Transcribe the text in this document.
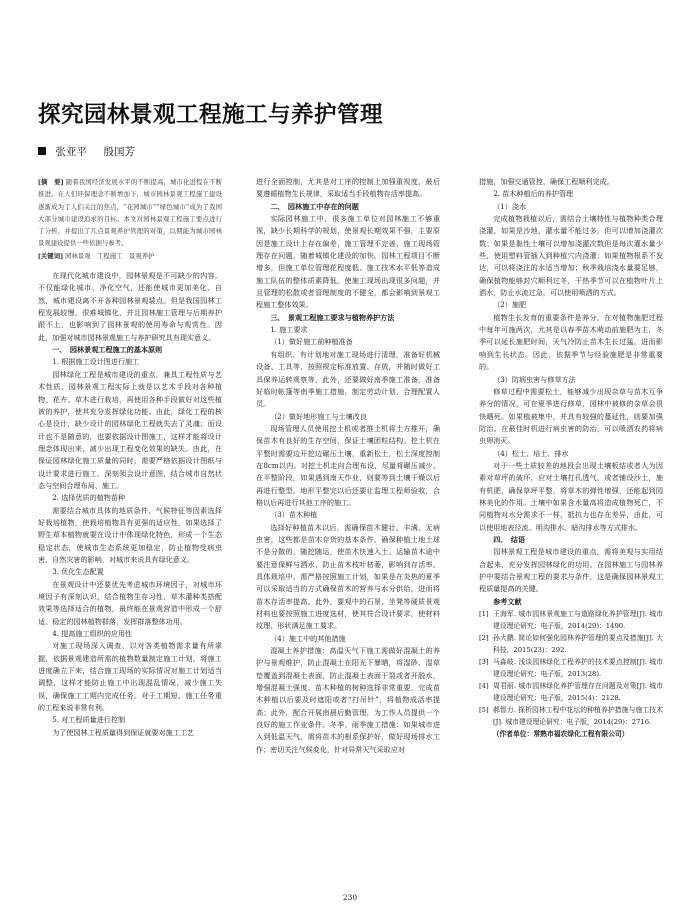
探究园林景观工程施工与养护管理
张亚平 殷国芳

[摘　要] 随着我国经济发展水平的不断提高，城市化进程在不断推进。在人们环保理念不断增加下，城市园林景观工程施工建设逐渐成为了人们关注的焦点，“花园城市”“绿色城市”成为了我国大部分城市建设追求的目标。本文对园林景观工程施工要点进行了分析，并提出了几点景观养护管理的对策，以期能为城市园林景观建设提供一些依据与参考。

[关键词] 园林景观　工程施工　景观养护

在现代化城市建设中，园林景观是不可缺少的内容，不仅能绿化城市、净化空气，还能使城市更加美化、自然，城市建设离不开各种园林景观装点。但是我国园林工程发展较慢，很难城镇化，并且园林施工管理与后期养护跟不上，也影响到了园林景观的使用寿命与观赏性。因此，加强对城市园林景观施工与养护研究具有现实意义。

一、　园林景观工程施工的基本原则

1. 根据施工设计图进行施工

园林绿化工程是城市建设的重点，兼具工程性质与艺术性质，园林景观工程实际上就是以艺术手段对各种植物、花卉、草木进行栽培，再使用各种手段做好对这些植被的养护，使其充分发挥绿化功能。由此，绿化工程的核心是设计，缺少设计的园林绿化工程就失去了灵魂；而设计也不是随意的，也要依据设计图施工，这样才能将设计理念体现出来，减少出现工程变化效果的缺失。由此，在保证园林绿化施工质量的同时，需要严格依据设计图纸与设计要求进行施工，深刻领会设计意图，结合城市自然状态与空间合理布局、施工。

2. 选择优质的植物苗种

需要结合城市具体的地质条件、气候特征等因素选择好栽培植物，使栽培植物具有更强的适应性，如果选择了野生草本植物就要在设计中体现绿化特色，形成一个生态稳定状态，使城市生态系统更加稳定，防止植物受病虫害、自然灾害的影响，对城市来说具有绿化意义。

3. 优化生态配置

在景观设计中还要优先考虑城市环境因子，对城市环境因子有深刻认识，结合植物生存习性、草木灌种类搭配效果等选择适合的植物，最终能在景观营造中形成一个舒适、稳定的园林植物群落，发挥群落整体功用。

4. 提高施工组织的应用性

对施工现场深入调查，以对各类植物需求量有所掌握，依据景观建造所需的植物数量制定施工计划，将施工进度确立下来，结合施工现场的实际情况对施工计划适当调整，这样才能防止施工中出现混乱情况，减少施工失误，确保施工工期内完成任务。对于工期短、施工任务重的工程来说非常有利。

5. 对工程质量进行控制

为了使园林工程质量得到保证就要对施工工艺

进行全面控制，尤其是对工序的控制上加强重视度，最后要遵循植物生长规律，采取适当手段植物存活率提高。

二、　园林施工中存在的问题

实际园林施工中，很多施工单位对园林施工不够重视，缺少长期科学的规划，使景观长期效果不强，主要原因是施工设计上存在偏差，施工管理不完善，施工现场管理存在问题，随着城镇化建设的加快，园林工程项目不断增多，但施工单位管理花程度低、施工技术水平低等造成施工队伍的整体质素降低。使施工现场出现很多问题，并且管理的松散或者管理制度的不健全，都会影响到景观工程施工整体效果。

三、　景观工程施工要求与植物养护方法

1. 施工要求

（1）做好施工前种植准备

有组织、有计划地对施工现场进行清理，准备好机械设备、工具等，按照规定标准放置、存放，并随时做好工具保养运转观察等，此外，还要做好南季施工准备，准备好临时帐篷等南季施工措施，制定劳动计划，合理配置人员。

（2）做好地形施工与土壤改良

现场管理人员使用挖土机或者推土机将土方推开，确保苗木有良好的生存空间，保证土壤团粒结构。挖土机在平整时需要边开挖边碾压土壤，重新松土，松土深度控制在8cm以内。对挖土机走向合理布设，尽量将碾压减少。在平整阶段，如果遇到南天作业，则要等到土壤干燥以后再进行整型。地形平整完以后还要让监理工程师验收，合格以后再进行其他工序的施工。

（3）苗木种植

选择好种植苗木以后，需确保苗木健壮、丰满、无病虫害，这些都是苗木存货的基本条件，确保种植土地土球不是分散的，随挖随运，使苗木快速入土。运输苗木途中要注意保鲜与洒水，防止苗木枝叶枯萎，影响到存活率。具体栽培中，需严格按照施工计划，如果是在炎热的夏季可以采取适当的方式确保苗木的营养与水分供给，进而将苗木存活率提高。此外，要观中的石景、坐凳等硬质景观材料也要按照施工进度选材，使其符合设计要求，使材料纹理、形状满足施工要求。

（4）施工中的其他措施

混凝土养护措施：高温天气下施工需做好混凝土的养护与景观维护，防止混凝土在阳光下暴晒，将湿砂、湿草垫覆盖到混凝土表面，防止混凝土表面干裂或者开脱水，增强混凝土强度。苗木种植的树种选择非常重要，完成苗木种植以后要及时遮阳或者“打吊针”，将植物成活率提高；此外，配合开展南晨后勤管理，为工作人员提供一个良好的施工作业条件。冬季、雨季施工措施：如果城市进入到低温天气，需将苗木的根系保护好，做好现场排水工作；密切关注气候变化，针对异常天气采取应对

措施，加强交通管控，确保工程顺利完成。

2. 苗木种植后的养护管理

（1）浇水

完成植物栽植以后，需结合土壤特性与植物种类合理浇灌，如果是沙地，灌水量不能过多，但可以增加浇灌次数；如果是黏性土壤可以增加浇灌次数但是每次灌水量少些，使用塑料管插入到种植穴内浇灌；如果植物根系不发达，可以将浇注的水适当增加；秋季栽培浇水量要足够，确保植物能够封穴顺利过冬，干热季节可以在植物叶片上洒水，防止水流过急，可以使用喷洒的方式。

（2）施肥

植物生长发育的重要条件是养分，在对植物施肥过程中每年可施两次，尤其是以春季苗木萌动前施肥为主，冬季可以延长施肥时间，天气冷防止苗木生长过猛，进而影响到生长状态。因此，依据季节与经验施肥是非常重要的。

（3）防病虫害与修草方法

修草过程中需要松土，能够减少出现杂草与苗木互争养分的情况，可在夏季进行修草，园林中被修的杂草会很快晒死。如果植被集中，并具有较强的蔓延性，则要加强防治。在最佳时机进行病虫害的防治，可以喷洒农药将病虫卵消灭。

（4）松土、培土、排水

对于一些土质较差的地段会出现土壤板结或者人为因素对草坪的破坏，应对土壤打孔透气，或者铺设沙土，施有机肥，确保草坪平整，将草木的弹性增强，还能起到园林美化的作用。土壤中如果含水量高将造成植物死亡，不同植物对水分需求不一样，抵抗力也存在差异，由此，可以使用地表径流、明沟排水、暗沟排水等方式排水。

四、　结语

园林景观工程是城市建设的重点，需将美观与实用结合起来，充分发挥园林绿化的功用。在园林施工与园林养护中要结合景观工程的要求与条件，这是确保园林景观工程质量提高的关键。

参考文献

[1] 王海军. 城市园林景观施工与道路绿化养护管理[J]. 城市建设理论研究：电子版，2014(29)：1490.
[2] 孙大鹏. 简论如何强化园林养护管理的要点及措施[J]. 大科技，2015(23)：292.
[3] 马淼岐. 浅谈园林绿化工程养护的技术要点控制[J]. 城市建设理论研究：电子版，2013(28).
[4] 周君丽. 城市园林绿化养护管理存在问题及对策[J]. 城市建设理论研究：电子版，2015(4)：2128.
[5] 郝智力. 探析园林工程中花坛的种植养护措施与施工技术[J]. 城市建设理论研究：电子版，2014(29)：2716.

（作者单位：常熟市福农绿化工程有限公司）

230
